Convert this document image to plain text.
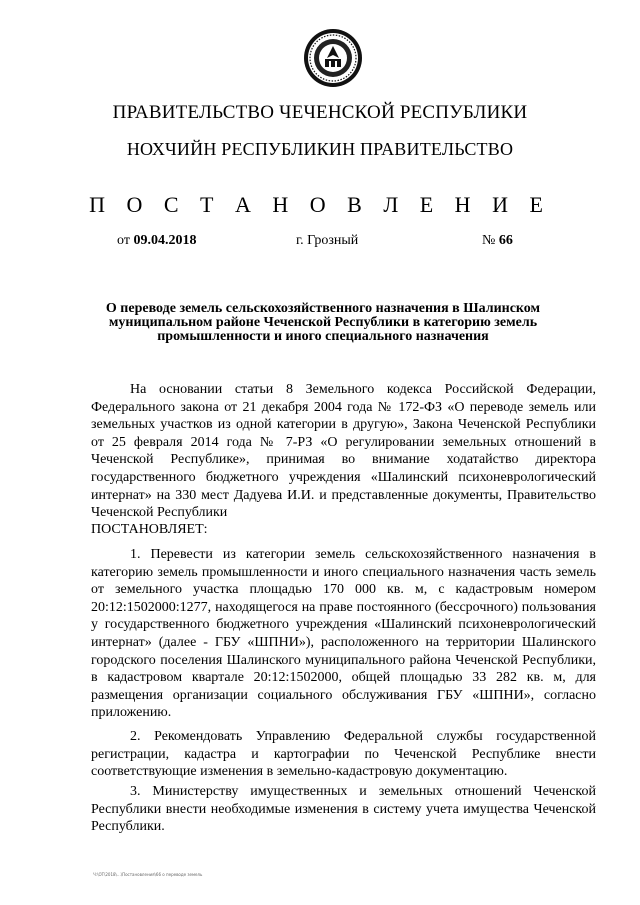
ПРАВИТЕЛЬСТВО ЧЕЧЕНСКОЙ РЕСПУБЛИКИ
НОХЧИЙН РЕСПУБЛИКИН ПРАВИТЕЛЬСТВО
П О С Т А Н О В Л Е Н И Е
от 09.04.2018	г. Грозный	№ 66
О переводе земель сельскохозяйственного назначения в Шалинском муниципальном районе Чеченской Республики в категорию земель промышленности и иного специального назначения
На основании статьи 8 Земельного кодекса Российской Федерации, Федерального закона от 21 декабря 2004 года № 172-ФЗ «О переводе земель или земельных участков из одной категории в другую», Закона Чеченской Республики от 25 февраля 2014 года № 7-РЗ «О регулировании земельных отношений в Чеченской Республике», принимая во внимание ходатайство директора государственного бюджетного учреждения «Шалинский психоневрологический интернат» на 330 мест Дадуева И.И. и представленные документы, Правительство Чеченской Республики
ПОСТАНОВЛЯЕТ:
1. Перевести из категории земель сельскохозяйственного назначения в категорию земель промышленности и иного специального назначения часть земель от земельного участка площадью 170 000 кв. м, с кадастровым номером 20:12:1502000:1277, находящегося на праве постоянного (бессрочного) пользования у государственного бюджетного учреждения «Шалинский психоневрологический интернат» (далее - ГБУ «ШПНИ»), расположенного на территории Шалинского городского поселения Шалинского муниципального района Чеченской Республики, в кадастровом квартале 20:12:1502000, общей площадью 33 282 кв. м, для размещения организации социального обслуживания ГБУ «ШПНИ», согласно приложению.
2. Рекомендовать Управлению Федеральной службы государственной регистрации, кадастра и картографии по Чеченской Республике внести соответствующие изменения в земельно-кадастровую документацию.
3. Министерству имущественных и земельных отношений Чеченской Республики внести необходимые изменения в систему учета имущества Чеченской Республики.
Ч:\ОТ\2018\...\Постановления\66 о переводе земель
